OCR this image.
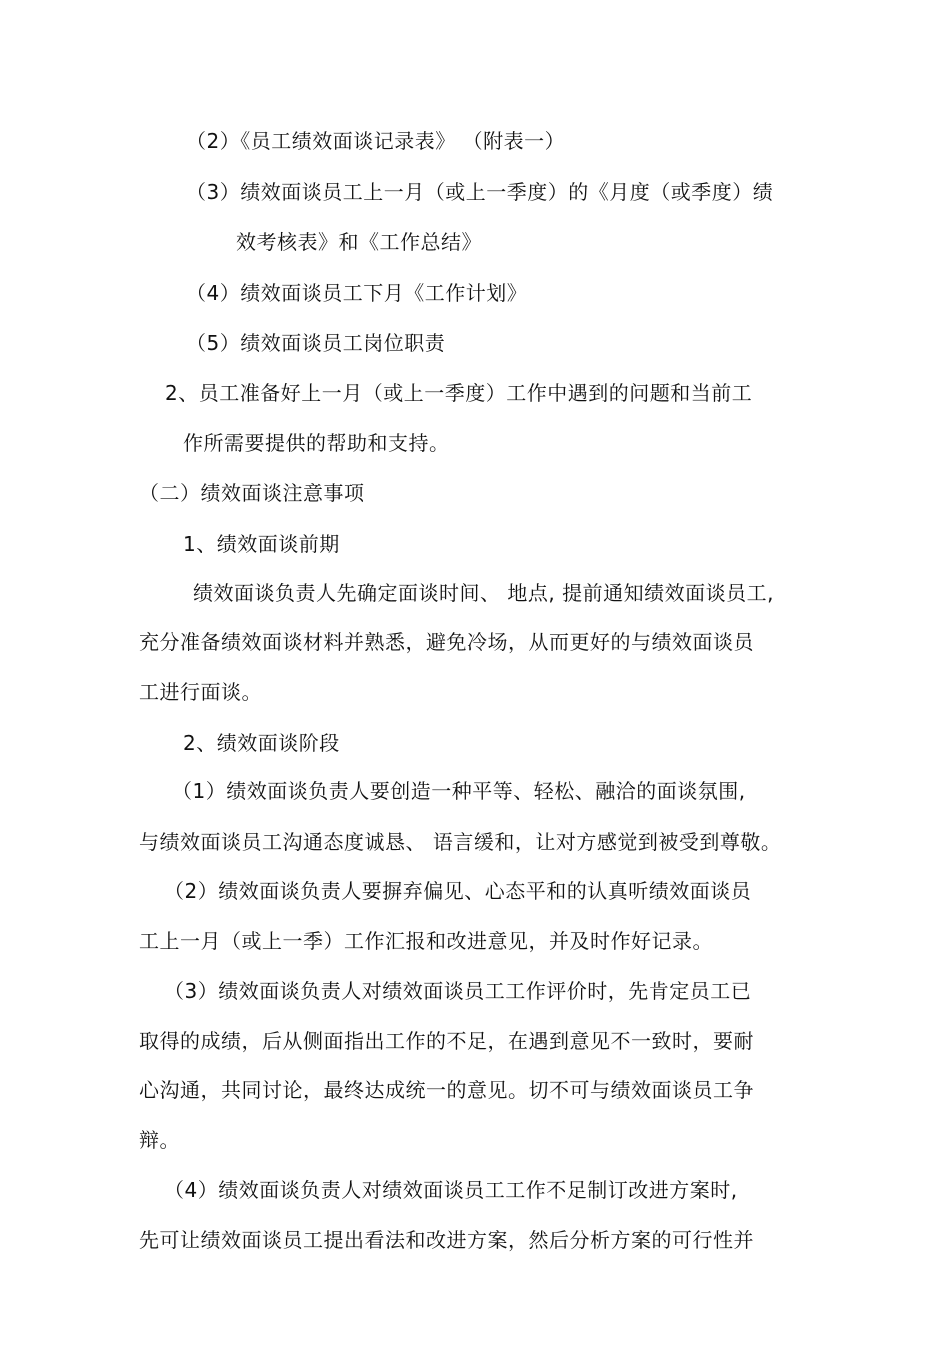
（2）《员工绩效面谈记录表》 （附表一）
（3）绩效面谈员工上一月（或上一季度）的《月度（或季度）绩
效考核表》和《工作总结》
（4）绩效面谈员工下月《工作计划》
（5）绩效面谈员工岗位职责
2、员工准备好上一月（或上一季度）工作中遇到的问题和当前工
作所需要提供的帮助和支持。
（二）绩效面谈注意事项
1、绩效面谈前期
绩效面谈负责人先确定面谈时间、 地点, 提前通知绩效面谈员工,
充分准备绩效面谈材料并熟悉，避免冷场，从而更好的与绩效面谈员
工进行面谈。
2、绩效面谈阶段
（1）绩效面谈负责人要创造一种平等、轻松、融洽的面谈氛围,
与绩效面谈员工沟通态度诚恳、 语言缓和，让对方感觉到被受到尊敬。
（2）绩效面谈负责人要摒弃偏见、心态平和的认真听绩效面谈员
工上一月（或上一季）工作汇报和改进意见，并及时作好记录。
（3）绩效面谈负责人对绩效面谈员工工作评价时，先肯定员工已
取得的成绩，后从侧面指出工作的不足，在遇到意见不一致时，要耐
心沟通，共同讨论，最终达成统一的意见。切不可与绩效面谈员工争
辩。
（4）绩效面谈负责人对绩效面谈员工工作不足制订改进方案时,
先可让绩效面谈员工提出看法和改进方案，然后分析方案的可行性并
